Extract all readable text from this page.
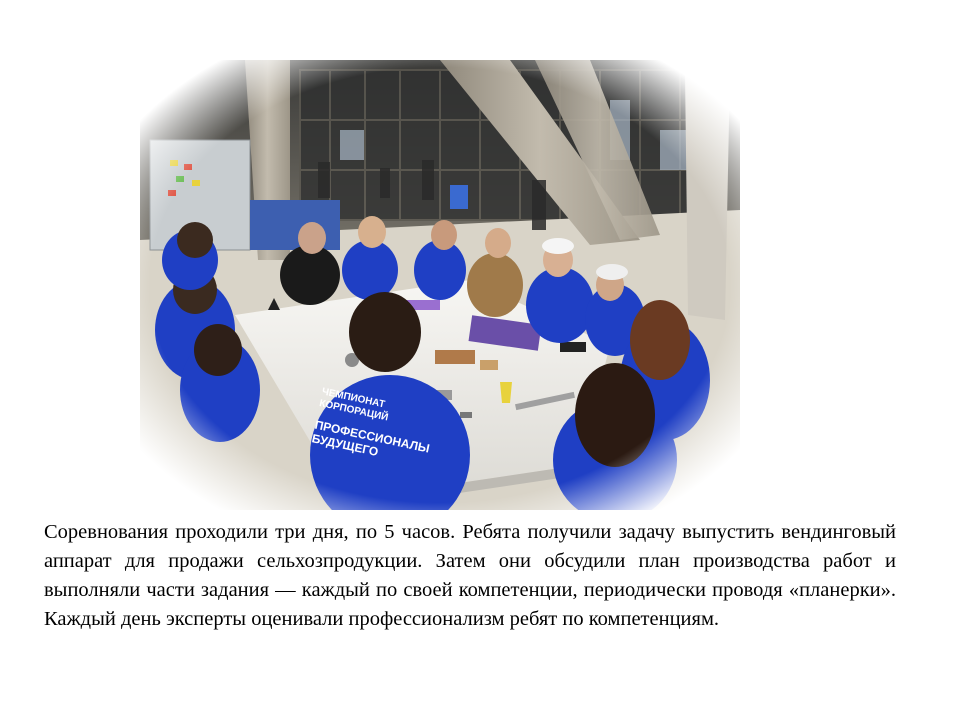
Соревнования проходили три дня, по 5 часов. Ребята получили задачу выпустить вендинговый аппарат для продажи сельхозпродукции. Затем они обсудили план производства работ и выполняли части задания — каждый по своей компетенции, периодически проводя «планерки». Каждый день эксперты оценивали профессионализм ребят по компетенциям.
